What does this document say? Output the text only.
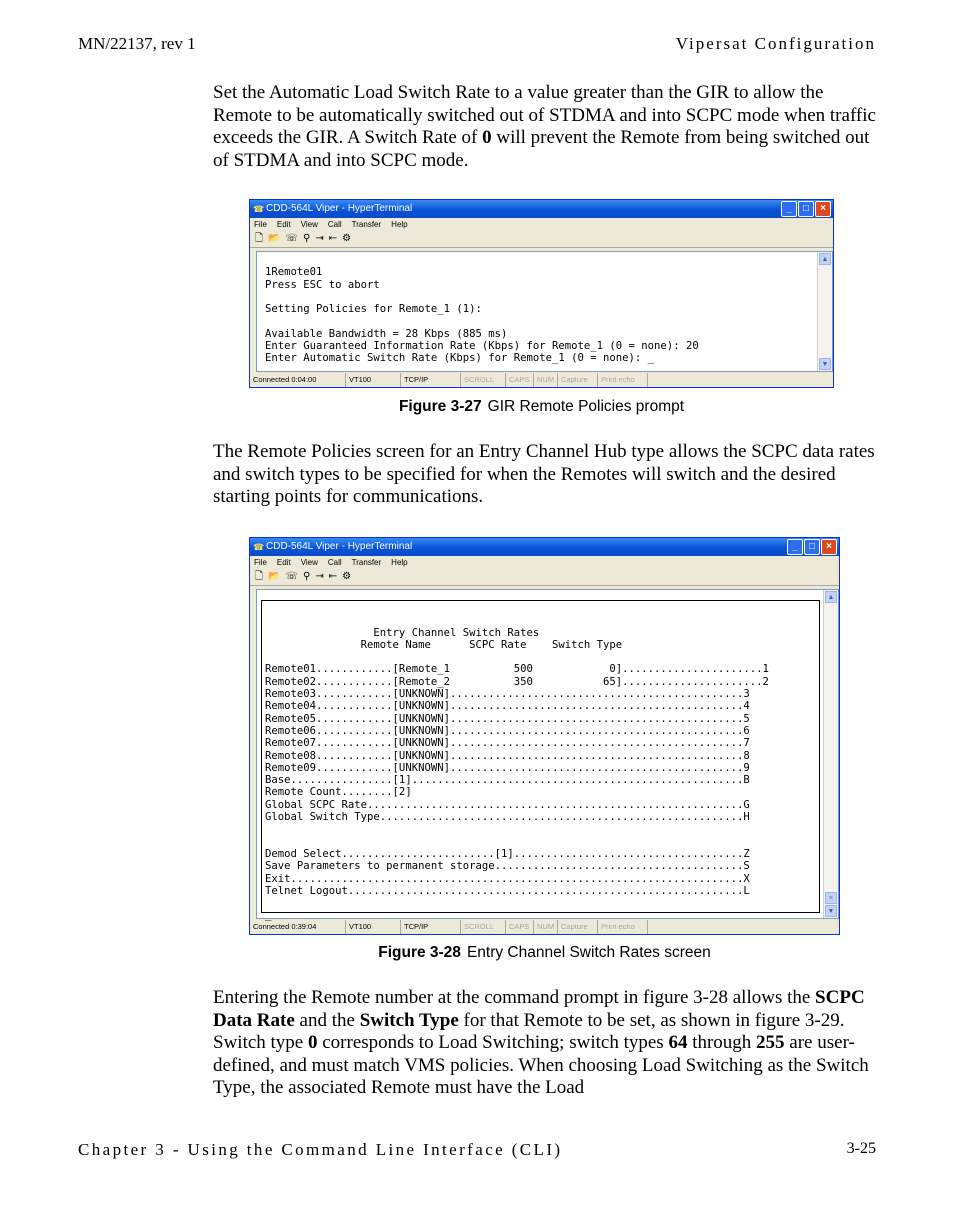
MN/22137, rev 1	Vipersat Configuration
Set the Automatic Load Switch Rate to a value greater than the GIR to allow the Remote to be automatically switched out of STDMA and into SCPC mode when traffic exceeds the GIR. A Switch Rate of 0 will prevent the Remote from being switched out of STDMA and into SCPC mode.
☎ CDD-564L Viper - HyperTerminal	_	□	×
File Edit View Call Transfer Help
🗋 📂 ☏ ⚲ ⇥ ⇤ ⚙

1Remote01
Press ESC to abort
Setting Policies for Remote_1 (1):
Available Bandwidth = 28 Kbps (885 ms)
Enter Guaranteed Information Rate (Kbps) for Remote_1 (0 = none): 20
Enter Automatic Switch Rate (Kbps) for Remote_1 (0 = none): _

▲
▼
Connected 0:04:00	VT100	TCP/IP	SCROLL	CAPS	NUM Capture	Print echo
Figure 3-27 GIR Remote Policies prompt
The Remote Policies screen for an Entry Channel Hub type allows the SCPC data rates and switch types to be specified for when the Remotes will switch and the desired starting points for communications.
☎ CDD-564L Viper - HyperTerminal	_	□	×
File Edit View Call Transfer Help
🗋 📂 ☏ ⚲ ⇥ ⇤ ⚙

Entry Channel Switch Rates
Remote Name      SCPC Rate    Switch Type
Remote01............[Remote_1          500            0]......................1
Remote02............[Remote_2          350           65]......................2
Remote03............[UNKNOWN]..............................................3
Remote04............[UNKNOWN]..............................................4
Remote05............[UNKNOWN]..............................................5
Remote06............[UNKNOWN]..............................................6
Remote07............[UNKNOWN]..............................................7
Remote08............[UNKNOWN]..............................................8
Remote09............[UNKNOWN]..............................................9
Base................[1]....................................................B
Remote Count........[2]
Global SCPC Rate...........................................................G
Global Switch Type.........................................................H
Demod Select........................[1]....................................Z
Save Parameters to permanent storage.......................................S
Exit.......................................................................X
Telnet Logout..............................................................L
_

▲
≡
▼
Connected 0:39:04	VT100	TCP/IP	SCROLL	CAPS	NUM Capture	Print echo
Figure 3-28 Entry Channel Switch Rates screen
Entering the Remote number at the command prompt in figure 3-28 allows the SCPC Data Rate and the Switch Type for that Remote to be set, as shown in figure 3-29. Switch type 0 corresponds to Load Switching; switch types 64 through 255 are user-defined, and must match VMS policies. When choosing Load Switching as the Switch Type, the associated Remote must have the Load
Chapter 3 - Using the Command Line Interface (CLI)	3-25
